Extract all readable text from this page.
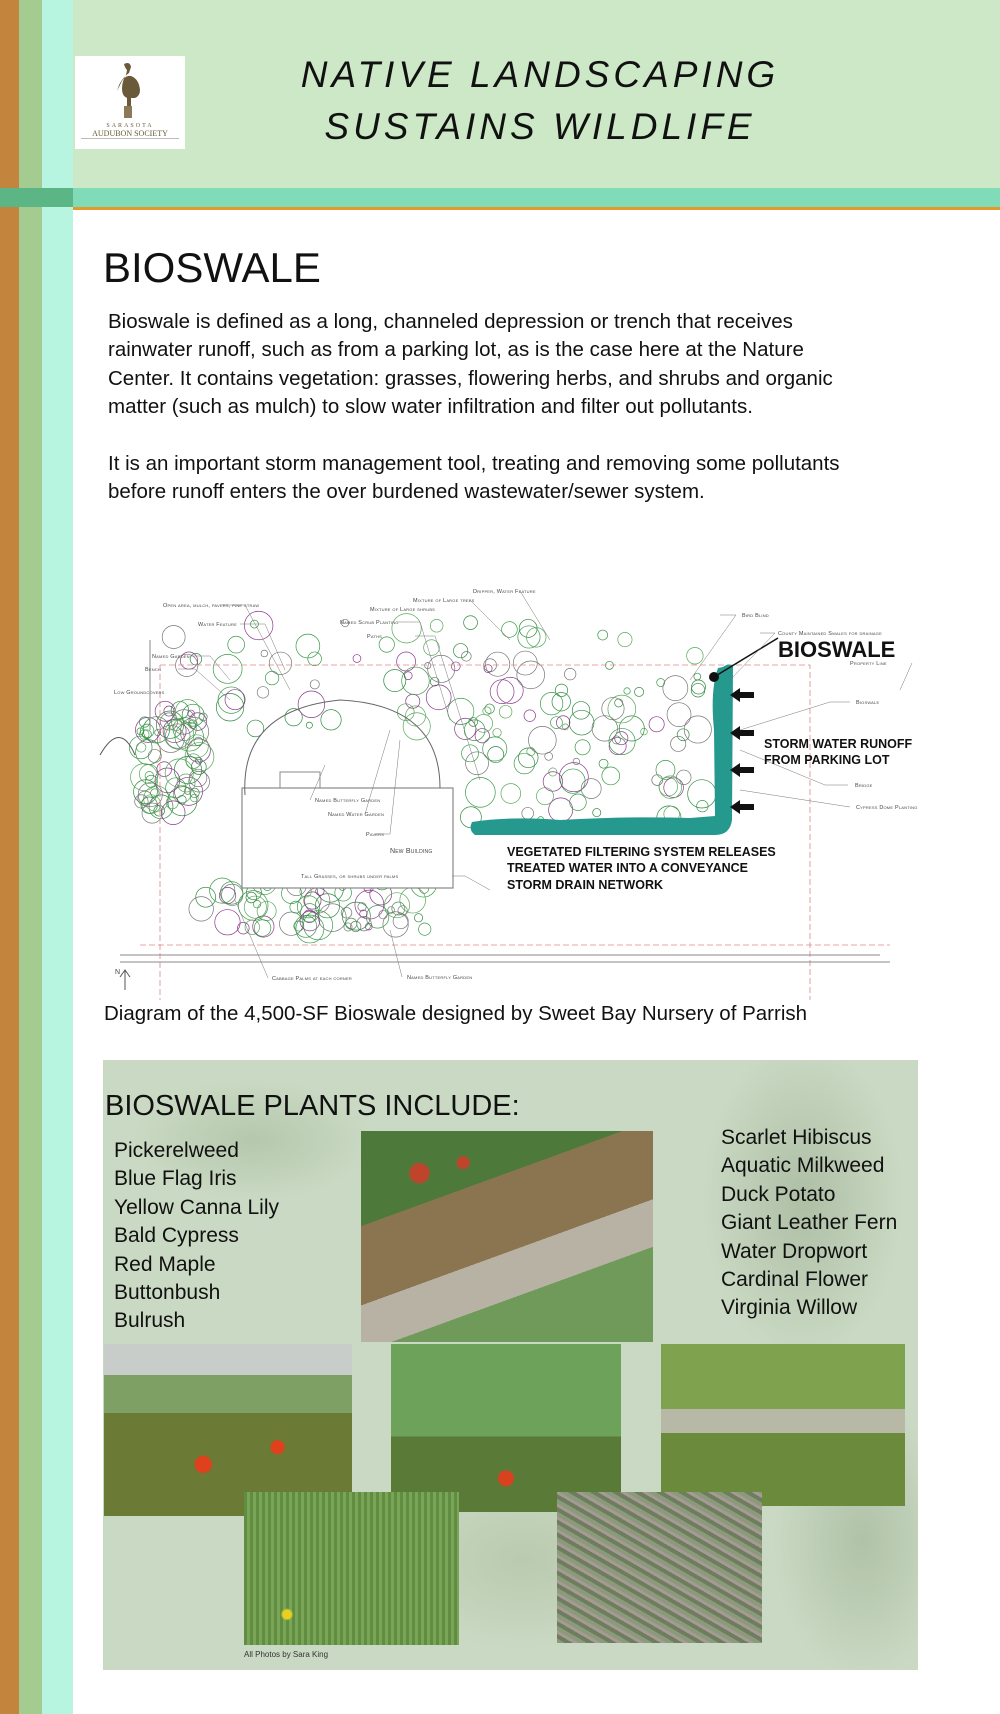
SARASOTA
AUDUBON SOCIETY
NATIVE LANDSCAPING
SUSTAINS WILDLIFE
BIOSWALE

Bioswale is defined as a long, channeled depression or trench that receives rainwater runoff, such as from a parking lot, as is the case here at the Nature Center. It contains vegetation: grasses, flowering herbs, and shrubs and organic matter (such as mulch) to slow water infiltration and filter out pollutants.

It is an important storm management tool, treating and removing some pollutants before runoff enters the over burdened wastewater/sewer system.

Open area, mulch, pavers, pine straw
Water Feature
Named Garden
Bench
Low Groundcovers
Named Scrub Planting
Paths
Mixture of Large shrubs
Mixture of Large trees
Dripper, Water Feature
Bird Blind
County Maintained Swales for drainage
Property Line
Bioswale
Bridge
Cypress Dome Planting
Named Butterfly Garden
Named Water Garden
Pavers
New Building
Tall Grasses, or shrubs under palms
Cabbage Palms at each corner	Named Butterfly Garden
N
BIOSWALE
STORM WATER RUNOFF
FROM PARKING LOT
VEGETATED FILTERING SYSTEM RELEASES
TREATED WATER INTO A CONVEYANCE
STORM DRAIN NETWORK
Diagram of the 4,500-SF Bioswale designed by Sweet Bay Nursery of Parrish
BIOSWALE PLANTS INCLUDE:
Pickerelweed
Blue Flag Iris
Yellow Canna Lily
Bald Cypress
Red Maple
Buttonbush
Bulrush
Scarlet Hibiscus
Aquatic Milkweed
Duck Potato
Giant Leather Fern
Water Dropwort
Cardinal Flower
Virginia Willow
All Photos by Sara King
